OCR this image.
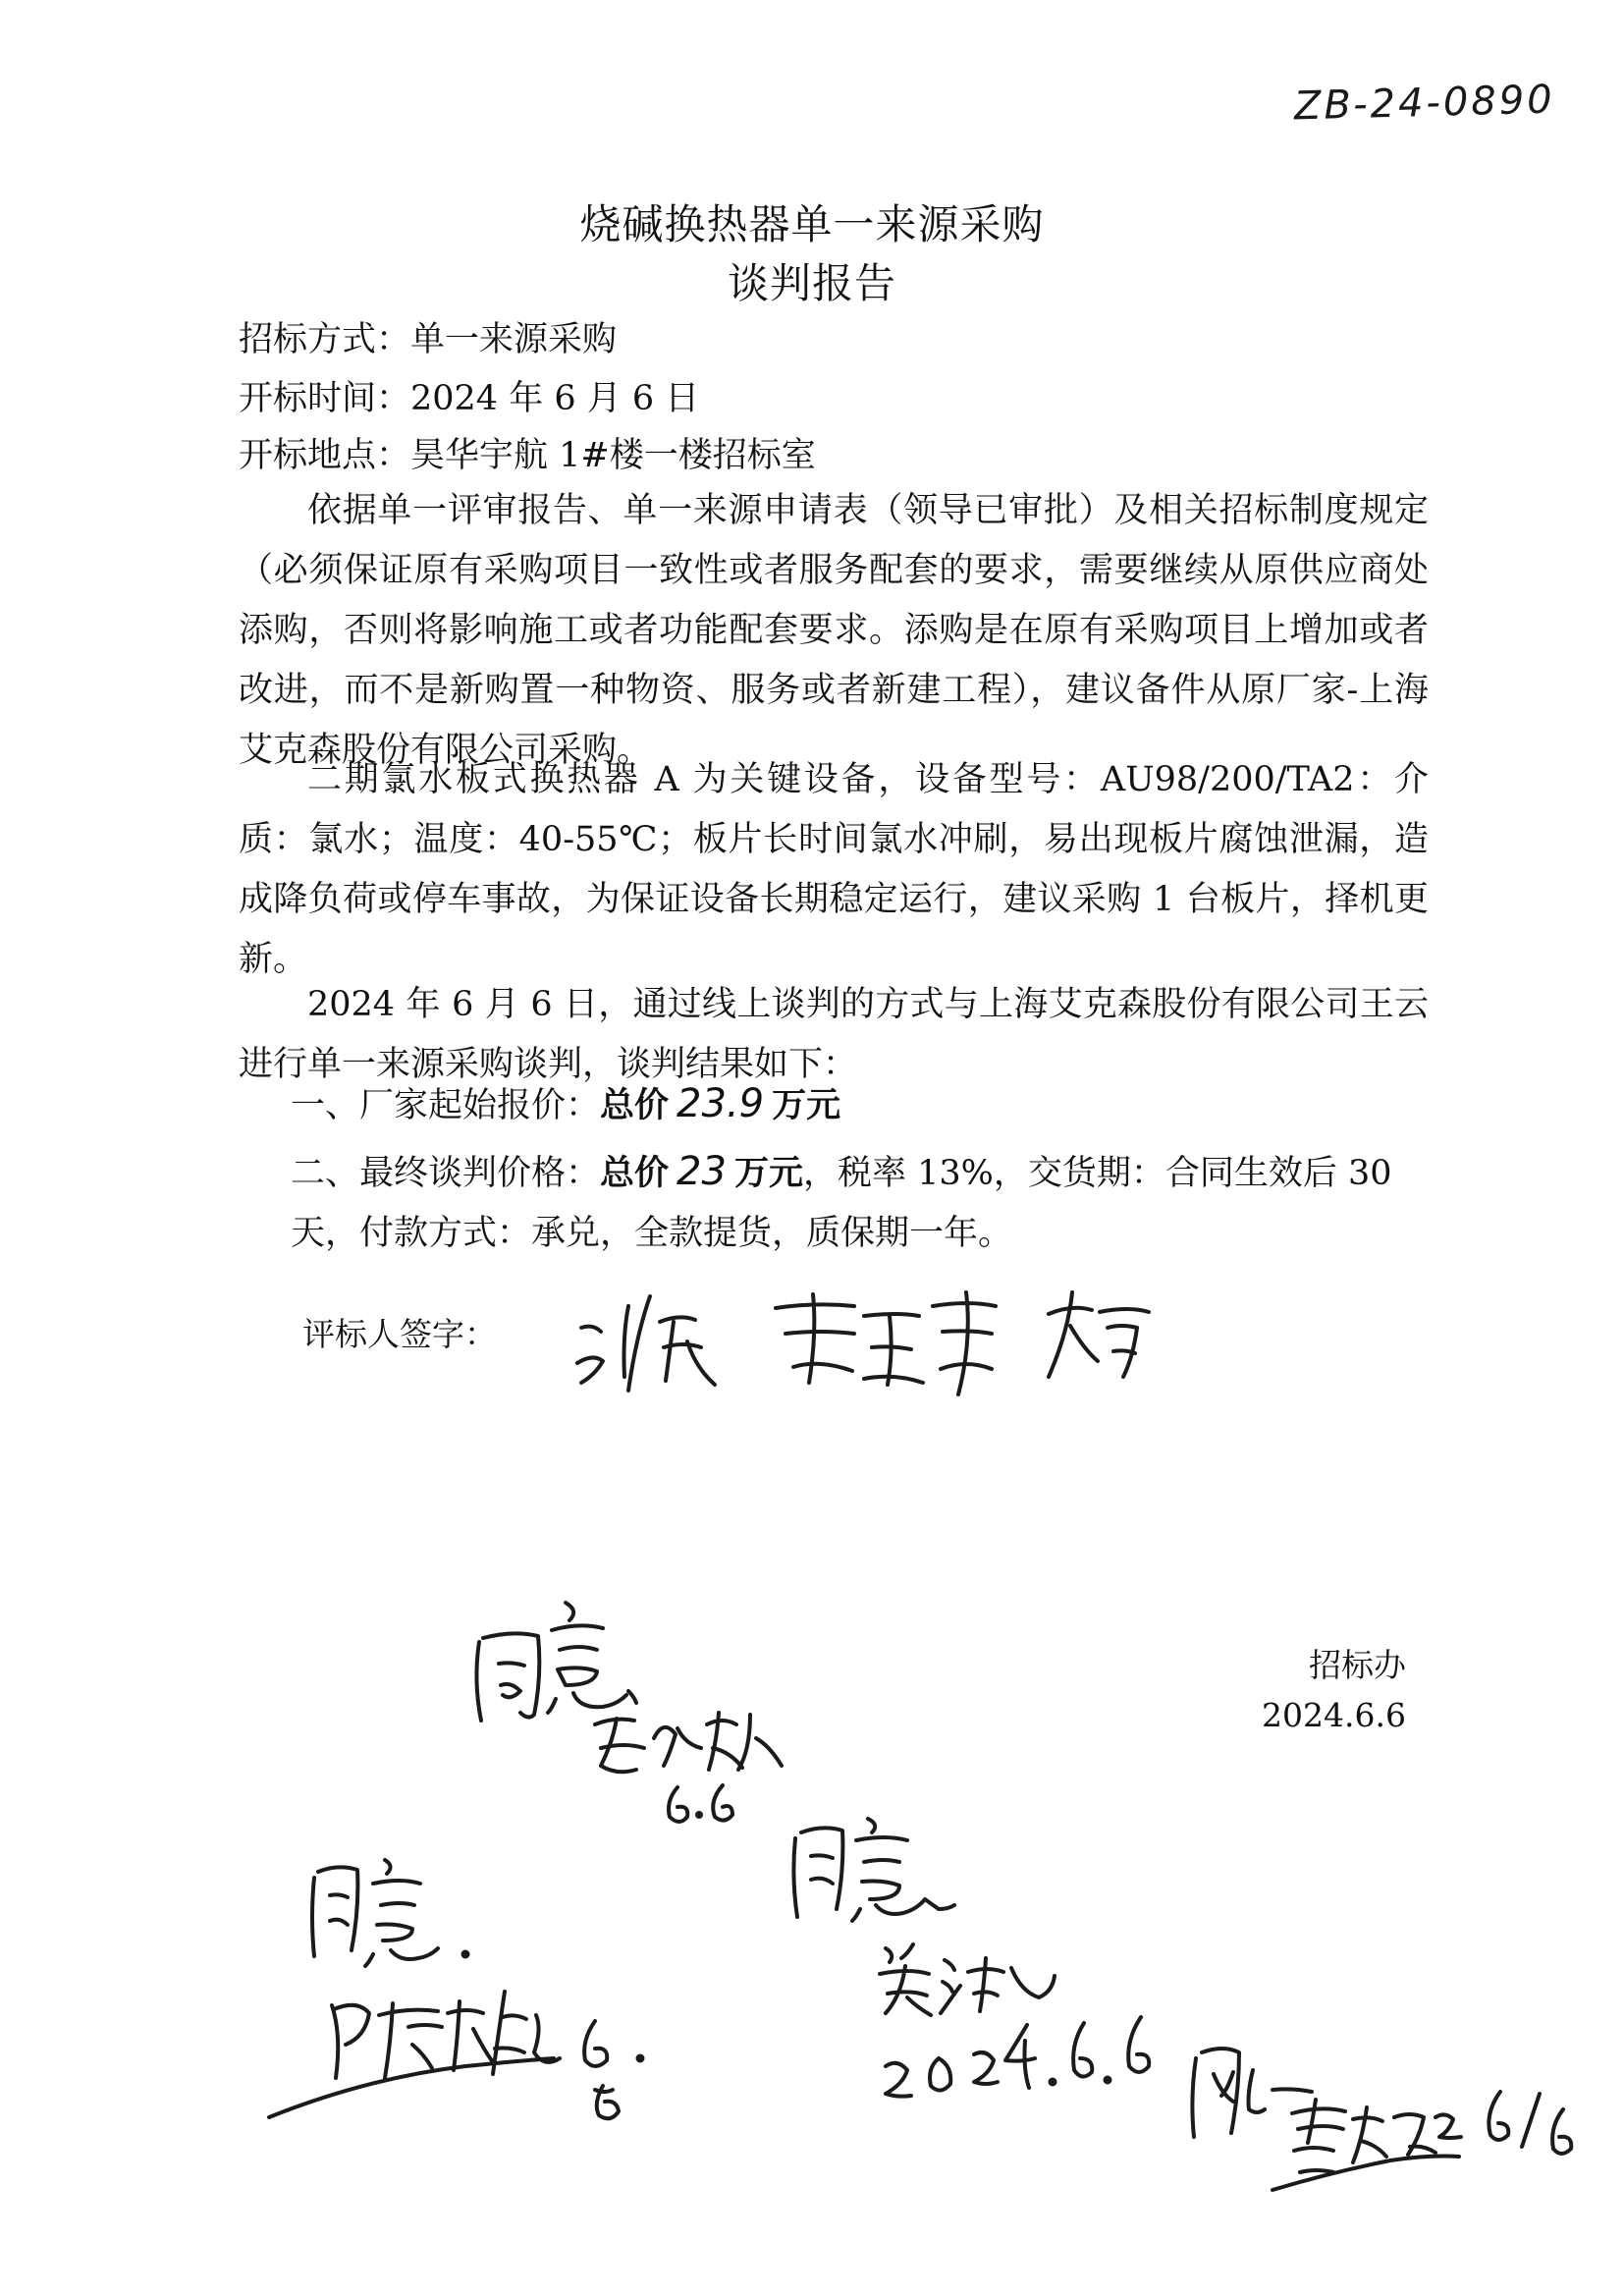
ZB-24-0890
烧碱换热器单一来源采购
谈判报告
招标方式：单一来源采购
开标时间：2024 年 6 月 6 日
开标地点：昊华宇航 1#楼一楼招标室

依据单一评审报告、单一来源申请表（领导已审批）及相关招标制度规定（必须保证原有采购项目一致性或者服务配套的要求，需要继续从原供应商处添购，否则将影响施工或者功能配套要求。添购是在原有采购项目上增加或者改进，而不是新购置一种物资、服务或者新建工程），建议备件从原厂家-上海艾克森股份有限公司采购。

二期氯水板式换热器 A 为关键设备，设备型号：AU98/200/TA2：介质：氯水；温度：40-55℃；板片长时间氯水冲刷，易出现板片腐蚀泄漏，造成降负荷或停车事故，为保证设备长期稳定运行，建议采购 1 台板片，择机更新。

2024 年 6 月 6 日，通过线上谈判的方式与上海艾克森股份有限公司王云进行单一来源采购谈判，谈判结果如下：

一、厂家起始报价：总价 23.9 万元
二、最终谈判价格：总价 23 万元，税率 13%，交货期：合同生效后 30 天，付款方式：承兑，全款提货，质保期一年。
评标人签字：
招标办
2024.6.6
